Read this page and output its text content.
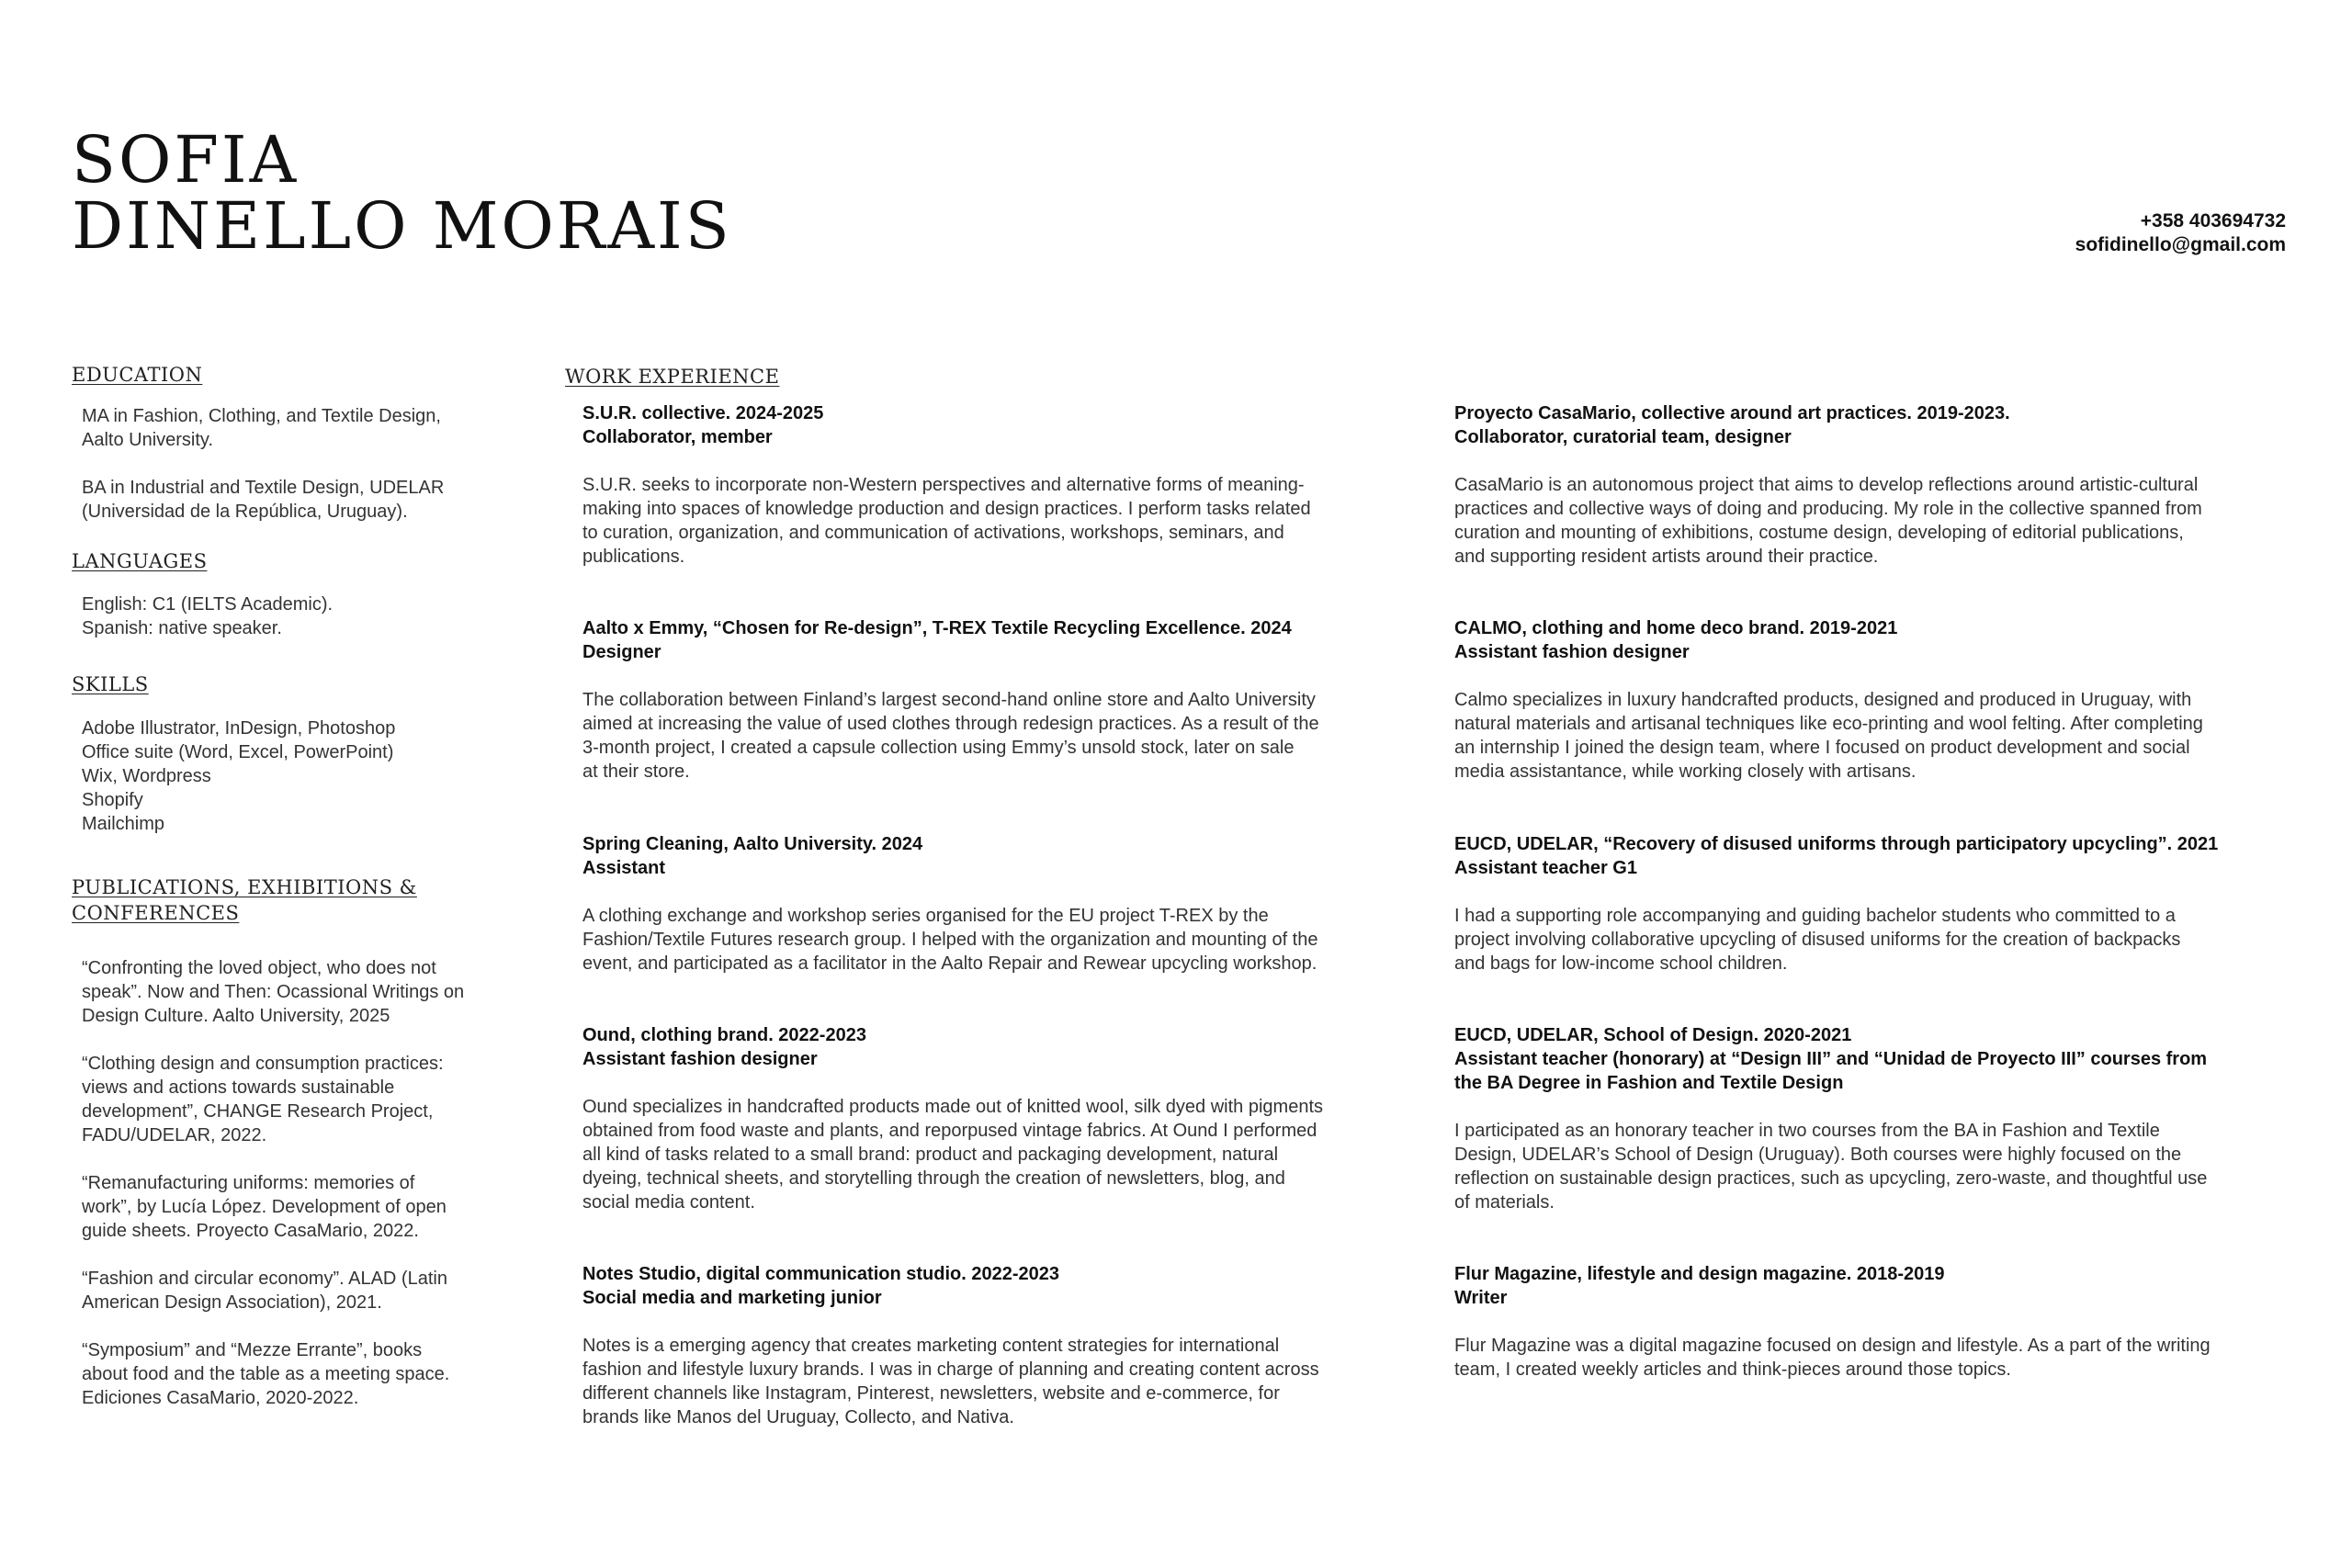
SOFIA
DINELLO MORAIS	+358 403694732
sofidinello@gmail.com
EDUCATION

MA in Fashion, Clothing, and Textile Design,
Aalto University.

BA in Industrial and Textile Design, UDELAR
(Universidad de la República, Uruguay).

LANGUAGES
English: C1 (IELTS Academic).
Spanish: native speaker.
SKILLS
Adobe Illustrator, InDesign, Photoshop
Office suite (Word, Excel, PowerPoint)
Wix, Wordpress
Shopify
Mailchimp
PUBLICATIONS, EXHIBITIONS &
CONFERENCES

“Confronting the loved object, who does not
speak”. Now and Then: Ocassional Writings on
Design Culture. Aalto University, 2025

“Clothing design and consumption practices:
views and actions towards sustainable
development”, CHANGE Research Project,
FADU/UDELAR, 2022.

“Remanufacturing uniforms: memories of
work”, by Lucía López. Development of open
guide sheets. Proyecto CasaMario, 2022.

“Fashion and circular economy”. ALAD (Latin
American Design Association), 2021.

“Symposium” and “Mezze Errante”, books
about food and the table as a meeting space.
Ediciones CasaMario, 2020-2022.

WORK EXPERIENCE
S.U.R. collective. 2024-2025
Collaborator, member
S.U.R. seeks to incorporate non-Western perspectives and alternative forms of meaning-
making into spaces of knowledge production and design practices. I perform tasks related
to curation, organization, and communication of activations, workshops, seminars, and
publications.
Aalto x Emmy, “Chosen for Re-design”, T-REX Textile Recycling Excellence. 2024
Designer
The collaboration between Finland’s largest second-hand online store and Aalto University
aimed at increasing the value of used clothes through redesign practices. As a result of the
3-month project, I created a capsule collection using Emmy’s unsold stock, later on sale
at their store.
Spring Cleaning, Aalto University. 2024
Assistant
A clothing exchange and workshop series organised for the EU project T-REX by the
Fashion/Textile Futures research group. I helped with the organization and mounting of the
event, and participated as a facilitator in the Aalto Repair and Rewear upcycling workshop.
Ound, clothing brand. 2022-2023
Assistant fashion designer
Ound specializes in handcrafted products made out of knitted wool, silk dyed with pigments
obtained from food waste and plants, and reporpused vintage fabrics. At Ound I performed
all kind of tasks related to a small brand: product and packaging development, natural
dyeing, technical sheets, and storytelling through the creation of newsletters, blog, and
social media content.
Notes Studio, digital communication studio. 2022-2023
Social media and marketing junior
Notes is a emerging agency that creates marketing content strategies for international
fashion and lifestyle luxury brands. I was in charge of planning and creating content across
different channels like Instagram, Pinterest, newsletters, website and e-commerce, for
brands like Manos del Uruguay, Collecto, and Nativa.
Proyecto CasaMario, collective around art practices. 2019-2023.
Collaborator, curatorial team, designer
CasaMario is an autonomous project that aims to develop reflections around artistic-cultural
practices and collective ways of doing and producing. My role in the collective spanned from
curation and mounting of exhibitions, costume design, developing of editorial publications,
and supporting resident artists around their practice.
CALMO, clothing and home deco brand. 2019-2021
Assistant fashion designer
Calmo specializes in luxury handcrafted products, designed and produced in Uruguay, with
natural materials and artisanal techniques like eco-printing and wool felting. After completing
an internship I joined the design team, where I focused on product development and social
media assistantance, while working closely with artisans.
EUCD, UDELAR, “Recovery of disused uniforms through participatory upcycling”. 2021
Assistant teacher G1
I had a supporting role accompanying and guiding bachelor students who committed to a
project involving collaborative upcycling of disused uniforms for the creation of backpacks
and bags for low-income school children.
EUCD, UDELAR, School of Design. 2020-2021
Assistant teacher (honorary) at “Design III” and “Unidad de Proyecto III” courses from
the BA Degree in Fashion and Textile Design
I participated as an honorary teacher in two courses from the BA in Fashion and Textile
Design, UDELAR’s School of Design (Uruguay). Both courses were highly focused on the
reflection on sustainable design practices, such as upcycling, zero-waste, and thoughtful use
of materials.
Flur Magazine, lifestyle and design magazine. 2018-2019
Writer
Flur Magazine was a digital magazine focused on design and lifestyle. As a part of the writing
team, I created weekly articles and think-pieces around those topics.
